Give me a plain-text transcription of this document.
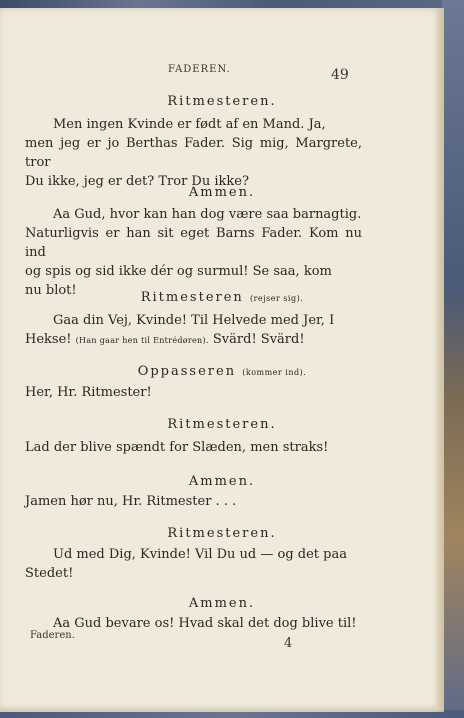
FADEREN.	49
Ritmesteren.
Men ingen Kvinde er født af en Mand. Ja,
men jeg er jo Berthas Fader. Sig mig, Margrete, tror
Du ikke, jeg er det? Tror Du ikke?
Ammen.
Aa Gud, hvor kan han dog være saa barnagtig.
Naturligvis er han sit eget Barns Fader. Kom nu ind
og spis og sid ikke dér og surmul! Se saa, kom
nu blot!	Ritmesteren (rejser sig).
Gaa din Vej, Kvinde! Til Helvede med Jer, I
Hekse! (Han gaar hen til Entrédøren). Svärd! Svärd!
Oppasseren (kommer ind).
Her, Hr. Ritmester!
Ritmesteren.
Lad der blive spændt for Slæden, men straks!
Ammen.
Jamen hør nu, Hr. Ritmester . . .
Ritmesteren.
Ud med Dig, Kvinde! Vil Du ud — og det paa
Stedet!
Ammen.
Aa Gud bevare os! Hvad skal det dog blive til!
Faderen.
4
